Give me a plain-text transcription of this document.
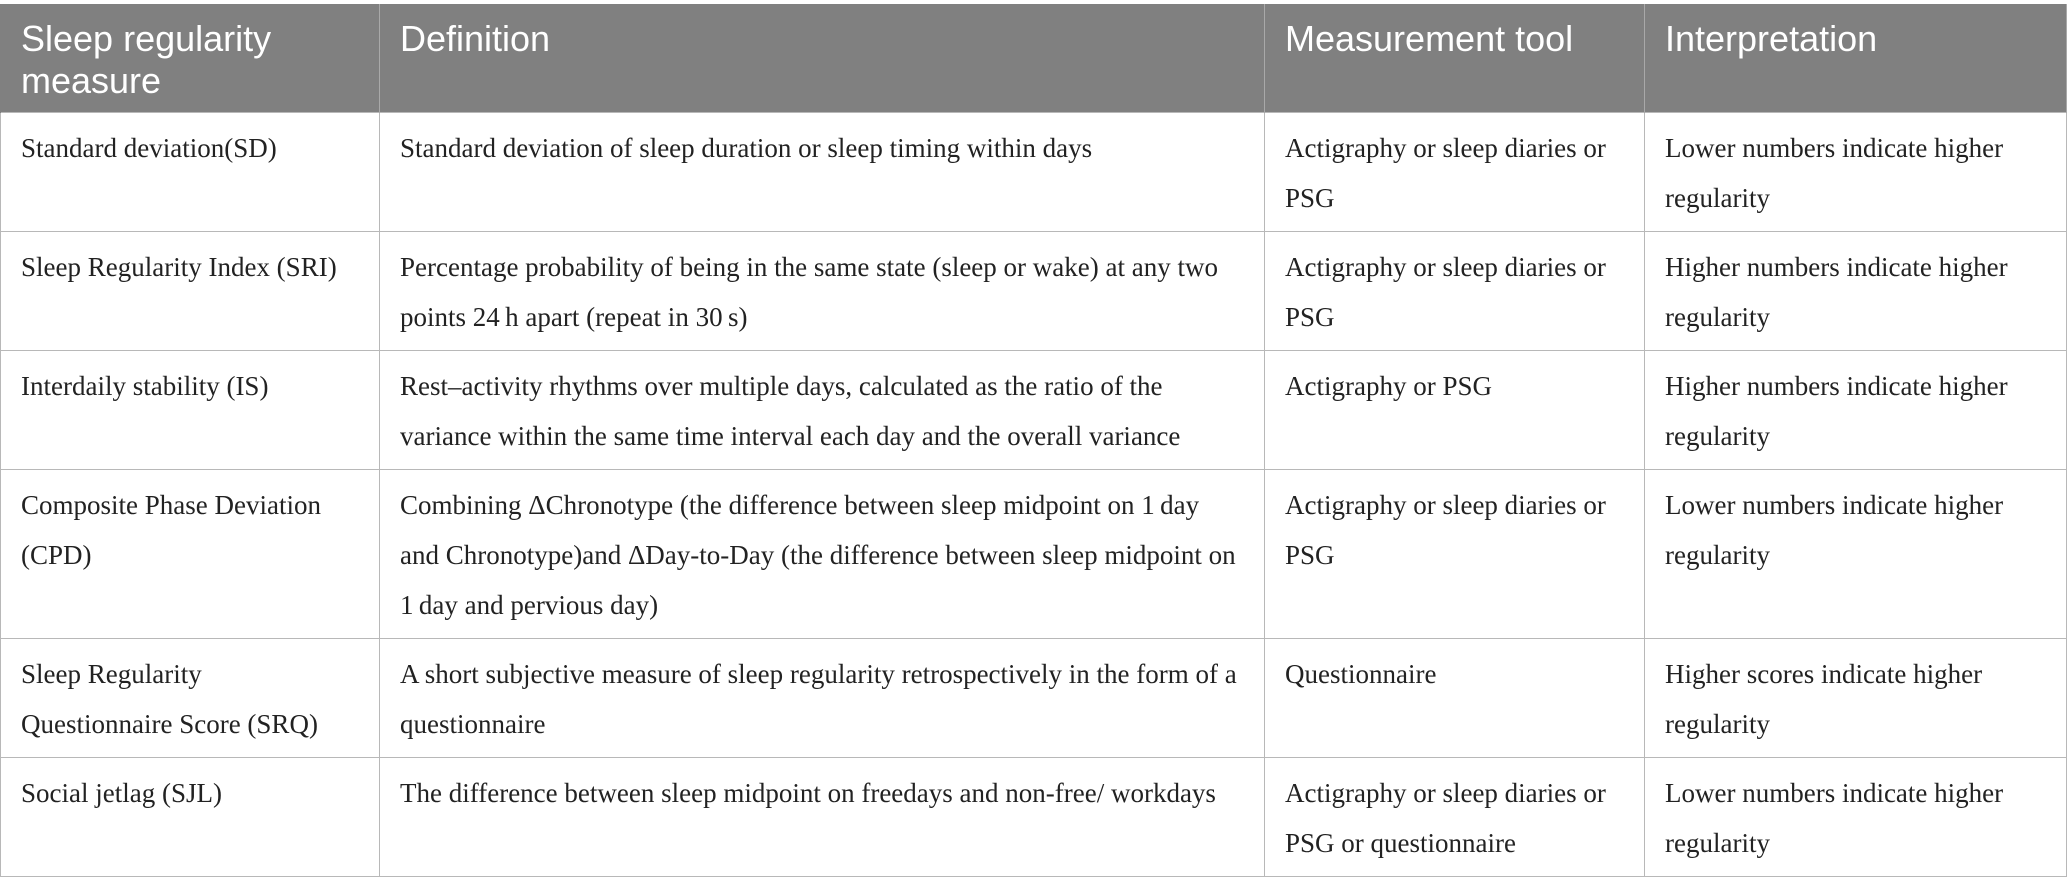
Sleep regularity measure	Definition	Measurement tool	Interpretation
Standard deviation(SD)	Standard deviation of sleep duration or sleep timing within days	Actigraphy or sleep diaries or PSG	Lower numbers indicate higher regularity
Sleep Regularity Index (SRI)	Percentage probability of being in the same state (sleep or wake) at any two points 24 h apart (repeat in 30 s)	Actigraphy or sleep diaries or PSG	Higher numbers indicate higher regularity
Interdaily stability (IS)	Rest–activity rhythms over multiple days, calculated as the ratio of the variance within the same time interval each day and the overall variance	Actigraphy or PSG	Higher numbers indicate higher regularity
Composite Phase Deviation (CPD)	Combining ΔChronotype (the difference between sleep midpoint on 1 day and Chronotype)and ΔDay-to-Day (the difference between sleep midpoint on 1 day and pervious day)	Actigraphy or sleep diaries or PSG	Lower numbers indicate higher regularity
Sleep Regularity Questionnaire Score (SRQ)	A short subjective measure of sleep regularity retrospectively in the form of a questionnaire	Questionnaire	Higher scores indicate higher regularity
Social jetlag (SJL)	The difference between sleep midpoint on freedays and non-free/ workdays	Actigraphy or sleep diaries or PSG or questionnaire	Lower numbers indicate higher regularity
